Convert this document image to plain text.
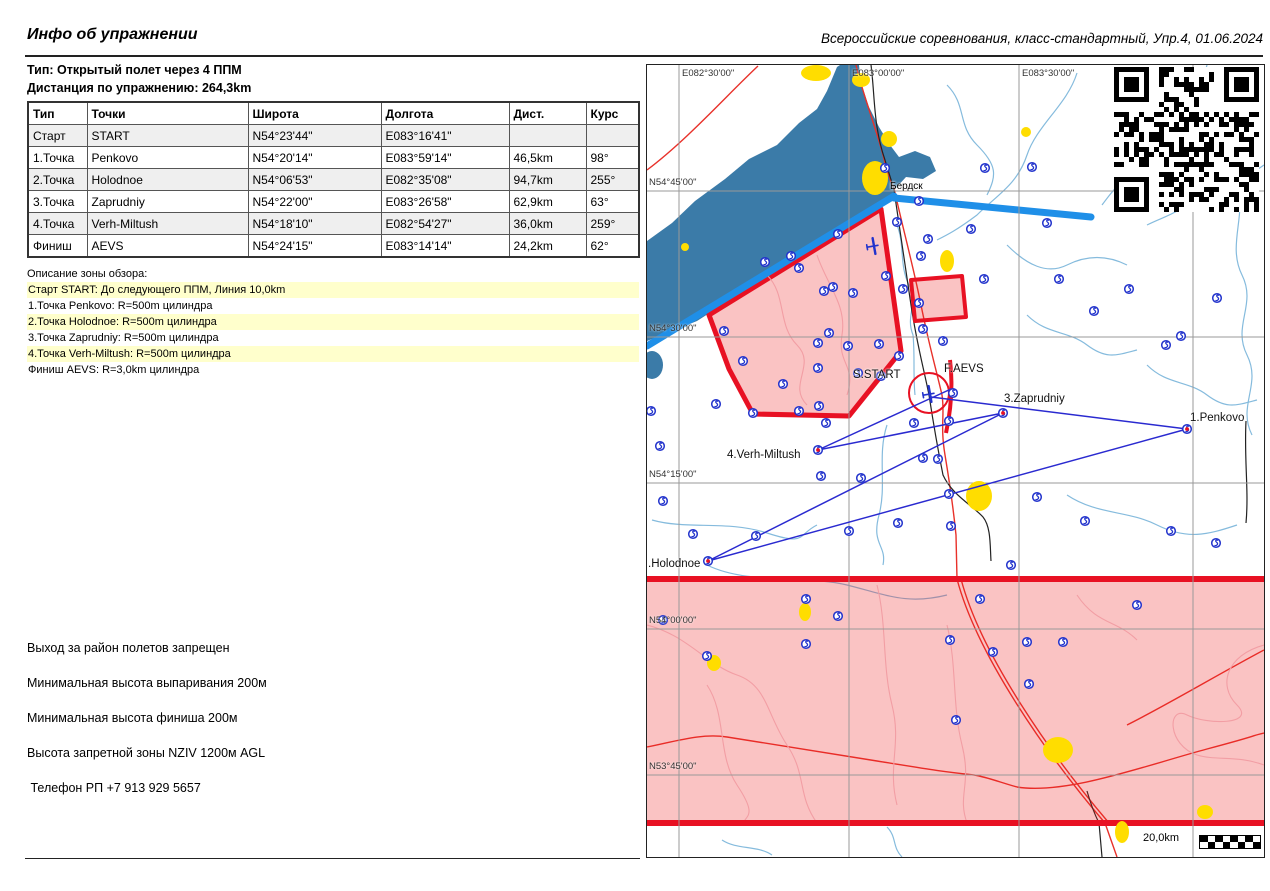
Инфо об упражнении	Всероссийские соревнования, класс-стандартный, Упр.4, 01.06.2024
Тип: Открытый полет через 4 ППМ
Дистанция по упражнению: 264,3km
Тип	Точки	Широта	Долгота	Дист.	Курс
Старт	START	N54°23'44"	E083°16'41"		
1.Точка	Penkovo	N54°20'14"	E083°59'14"	46,5km	98°
2.Точка	Holodnoe	N54°06'53"	E082°35'08"	94,7km	255°
3.Точка	Zaprudniy	N54°22'00"	E083°26'58"	62,9km	63°
4.Точка	Verh-Miltush	N54°18'10"	E082°54'27"	36,0km	259°
Финиш	AEVS	N54°24'15"	E083°14'14"	24,2km	62°
Описание зоны обзора:
Старт START: До следующего ППМ, Линия 10,0km
1.Точка Penkovo: R=500m цилиндра
2.Точка Holodnoe: R=500m цилиндра
3.Точка Zaprudniy: R=500m цилиндра
4.Точка Verh-Miltush: R=500m цилиндра
Финиш AEVS: R=3,0km цилиндра
Выход за район полетов запрещен
Минимальная высота выпаривания 200м
Минимальная высота финиша 200м
Высота запретной зоны NZIV 1200м AGL
Телефон РП +7 913 929 5657
E082°30'00"	E083°00'00"	E083°30'00"
N54°45'00"
N54°30'00"
N54°15'00"
N54°00'00"
N53°45'00"
S.START	F.AEVS
3.Zaprudniy
1.Penkovo
4.Verh-Miltush
.Holodnoe
Бердск
20,0km
